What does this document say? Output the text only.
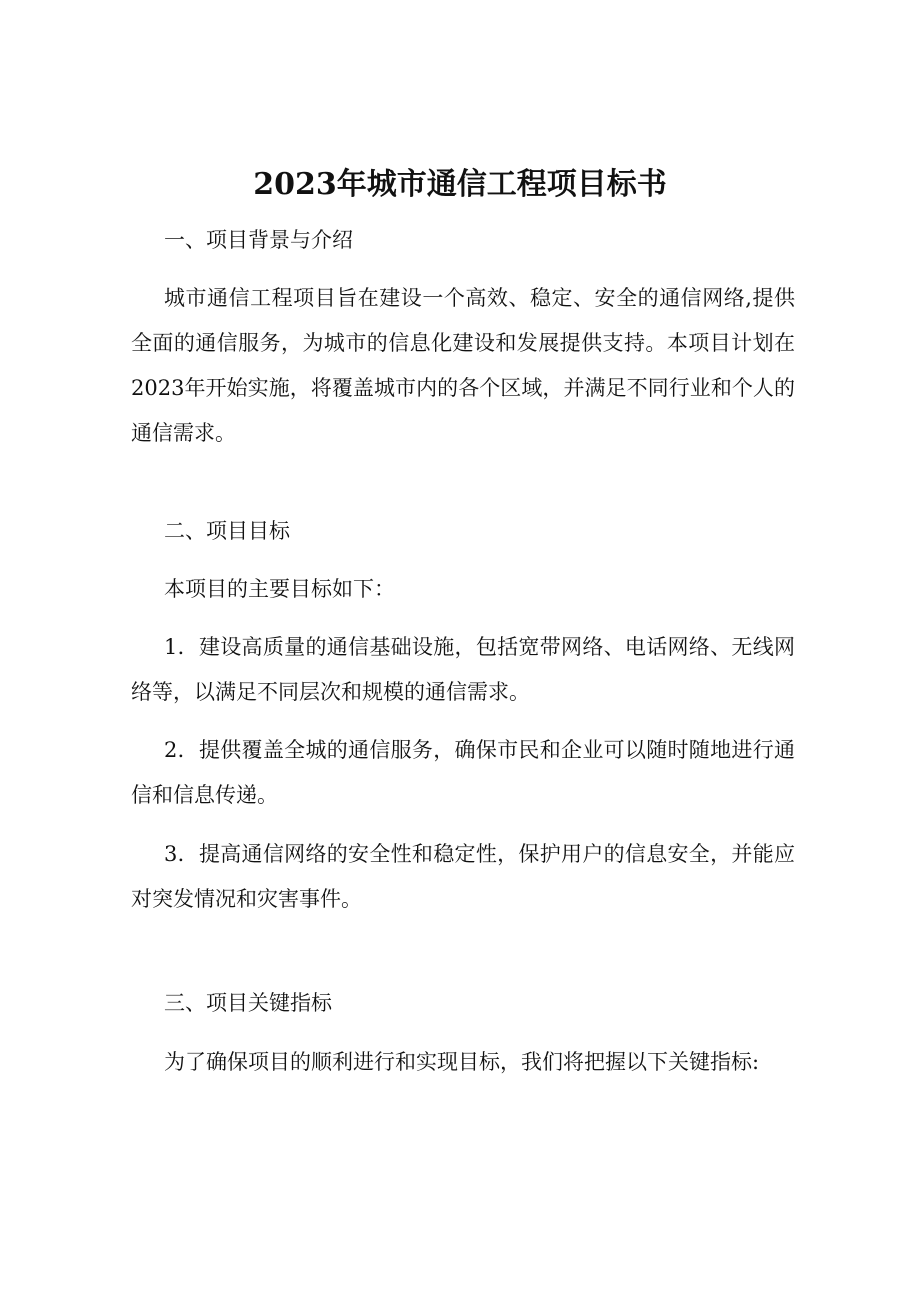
2023年城市通信工程项目标书

一、项目背景与介绍

城市通信工程项目旨在建设一个高效、稳定、安全的通信网络,提供全面的通信服务，为城市的信息化建设和发展提供支持。本项目计划在2023年开始实施，将覆盖城市内的各个区域，并满足不同行业和个人的通信需求。

二、项目目标

本项目的主要目标如下：

1．建设高质量的通信基础设施，包括宽带网络、电话网络、无线网络等，以满足不同层次和规模的通信需求。

2．提供覆盖全城的通信服务，确保市民和企业可以随时随地进行通信和信息传递。

3．提高通信网络的安全性和稳定性，保护用户的信息安全，并能应对突发情况和灾害事件。

三、项目关键指标

为了确保项目的顺利进行和实现目标，我们将把握以下关键指标:
